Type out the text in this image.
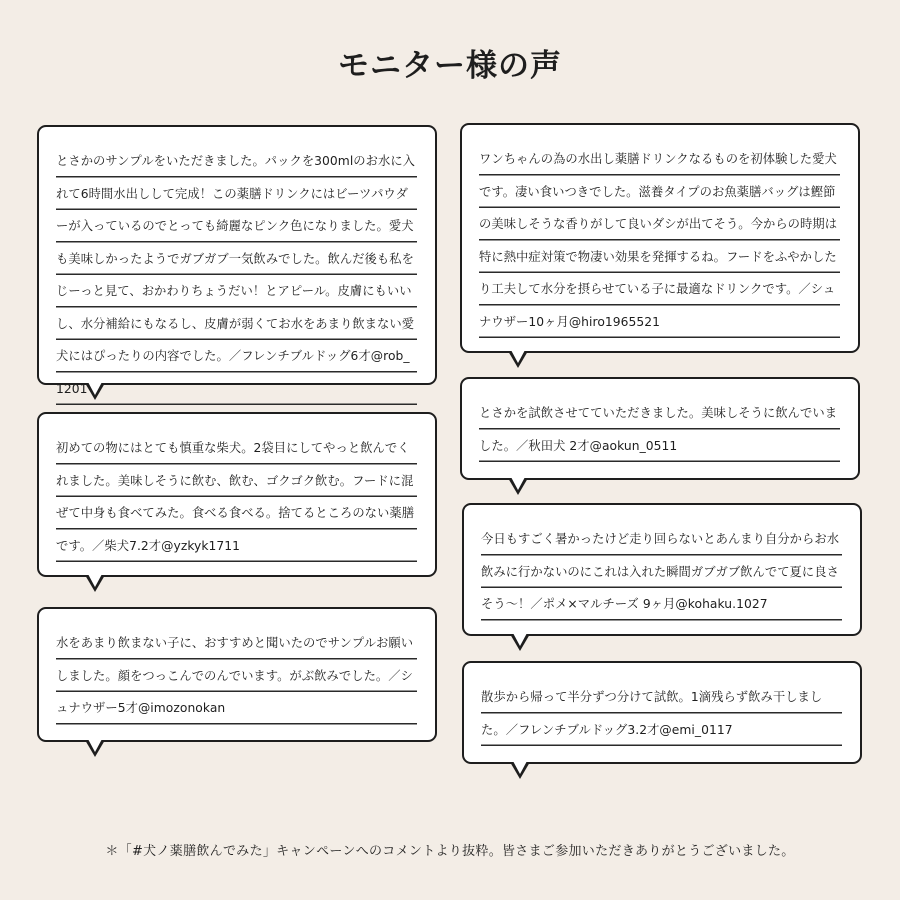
モニター様の声

とさかのサンプルをいただきました。パックを300mlのお水に入れて6時間水出しして完成！この薬膳ドリンクにはビーツパウダーが入っているのでとっても綺麗なピンク色になりました。愛犬も美味しかったようでガブガブ一気飲みでした。飲んだ後も私をじーっと見て、おかわりちょうだい！とアピール。皮膚にもいいし、水分補給にもなるし、皮膚が弱くてお水をあまり飲まない愛犬にはぴったりの内容でした。／フレンチブルドッグ6才@rob_1201

初めての物にはとても慎重な柴犬。2袋目にしてやっと飲んでくれました。美味しそうに飲む、飲む、ゴクゴク飲む。フードに混ぜて中身も食べてみた。食べる食べる。捨てるところのない薬膳です。／柴犬7.2才@yzkyk1711

水をあまり飲まない子に、おすすめと聞いたのでサンプルお願いしました。顔をつっこんでのんでいます。がぶ飲みでした。／シュナウザー5才@imozonokan

ワンちゃんの為の水出し薬膳ドリンクなるものを初体験した愛犬です。凄い食いつきでした。滋養タイプのお魚薬膳バッグは鰹節の美味しそうな香りがして良いダシが出てそう。今からの時期は特に熱中症対策で物凄い効果を発揮するね。フードをふやかしたり工夫して水分を摂らせている子に最適なドリンクです。／シュナウザー10ヶ月@hiro1965521

とさかを試飲させてていただきました。美味しそうに飲んでいました。／秋田犬 2才@aokun_0511

今日もすごく暑かったけど走り回らないとあんまり自分からお水飲みに行かないのにこれは入れた瞬間ガブガブ飲んでて夏に良さそう〜！／ポメ×マルチーズ 9ヶ月@kohaku.1027

散歩から帰って半分ずつ分けて試飲。1滴残らず飲み干しました。／フレンチブルドッグ3.2才@emi_0117

＊「#犬ノ薬膳飲んでみた」キャンペーンへのコメントより抜粋。皆さまご参加いただきありがとうございました。
